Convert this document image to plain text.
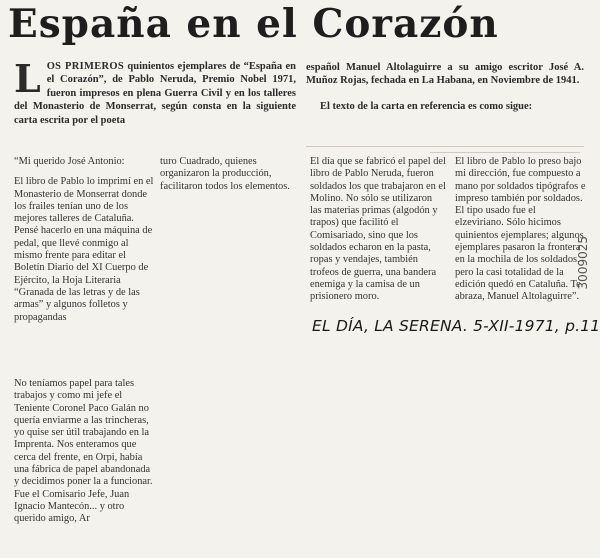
España en el Corazón
LOS PRIMEROS quinientos ejemplares de “España en el Corazón”, de Pablo Neruda, Premio Nobel 1971, fueron impresos en plena Guerra Civil y en los talleres del Monasterio de Monserrat, según consta en la siguiente carta escrita por el poeta
español Manuel Altolaguirre a su amigo escritor José A. Muñoz Rojas, fechada en La Habana, en Noviembre de 1941.
El texto de la carta en referencia es como sigue:

“Mi querido José Antonio:

El libro de Pablo lo imprimí en el Monasterio de Monserrat donde los frailes tenían uno de los mejores talleres de Cataluña. Pensé hacerlo en una máquina de pedal, que llevé conmigo al mismo frente para editar el Boletín Diario del XI Cuerpo de Ejército, la Hoja Literaria “Granada de las letras y de las armas” y algunos folletos y propagandas

No teníamos papel para tales trabajos y como mi jefe el Teniente Coronel Paco Galán no quería enviarme a las trincheras, yo quise ser útil trabajando en la Imprenta. Nos enteramos que cerca del frente, en Orpi, había una fábrica de papel abandonada y decidimos poner la a funcionar. Fue el Comisario Jefe, Juan Ignacio Mantecón... y otro querido amigo, Ar

turo Cuadrado, quienes organizaron la producción, facilitaron todos los elementos.

El día que se fabricó el papel del libro de Pablo Neruda, fueron soldados los que trabajaron en el Molino. No sólo se utilizaron las materias primas (algodón y trapos) que facilitó el Comisariado, sino que los soldados echaron en la pasta, ropas y vendajes, también trofeos de guerra, una bandera enemiga y la camisa de un prisionero moro.

El libro de Pablo lo preso bajo mi dirección, fue compuesto a mano por soldados tipógrafos e impreso también por soldados. El tipo usado fue el elzeviriano. Sólo hicimos quinientos ejemplares; algunos ejemplares pasaron la frontera en la mochila de los soldados, pero la casi totalidad de la edición quedó en Cataluña. Te abraza, Manuel Altolaguirre”.

EL DÍA, LA SERENA. 5-XII-1971, p.11
3009025
